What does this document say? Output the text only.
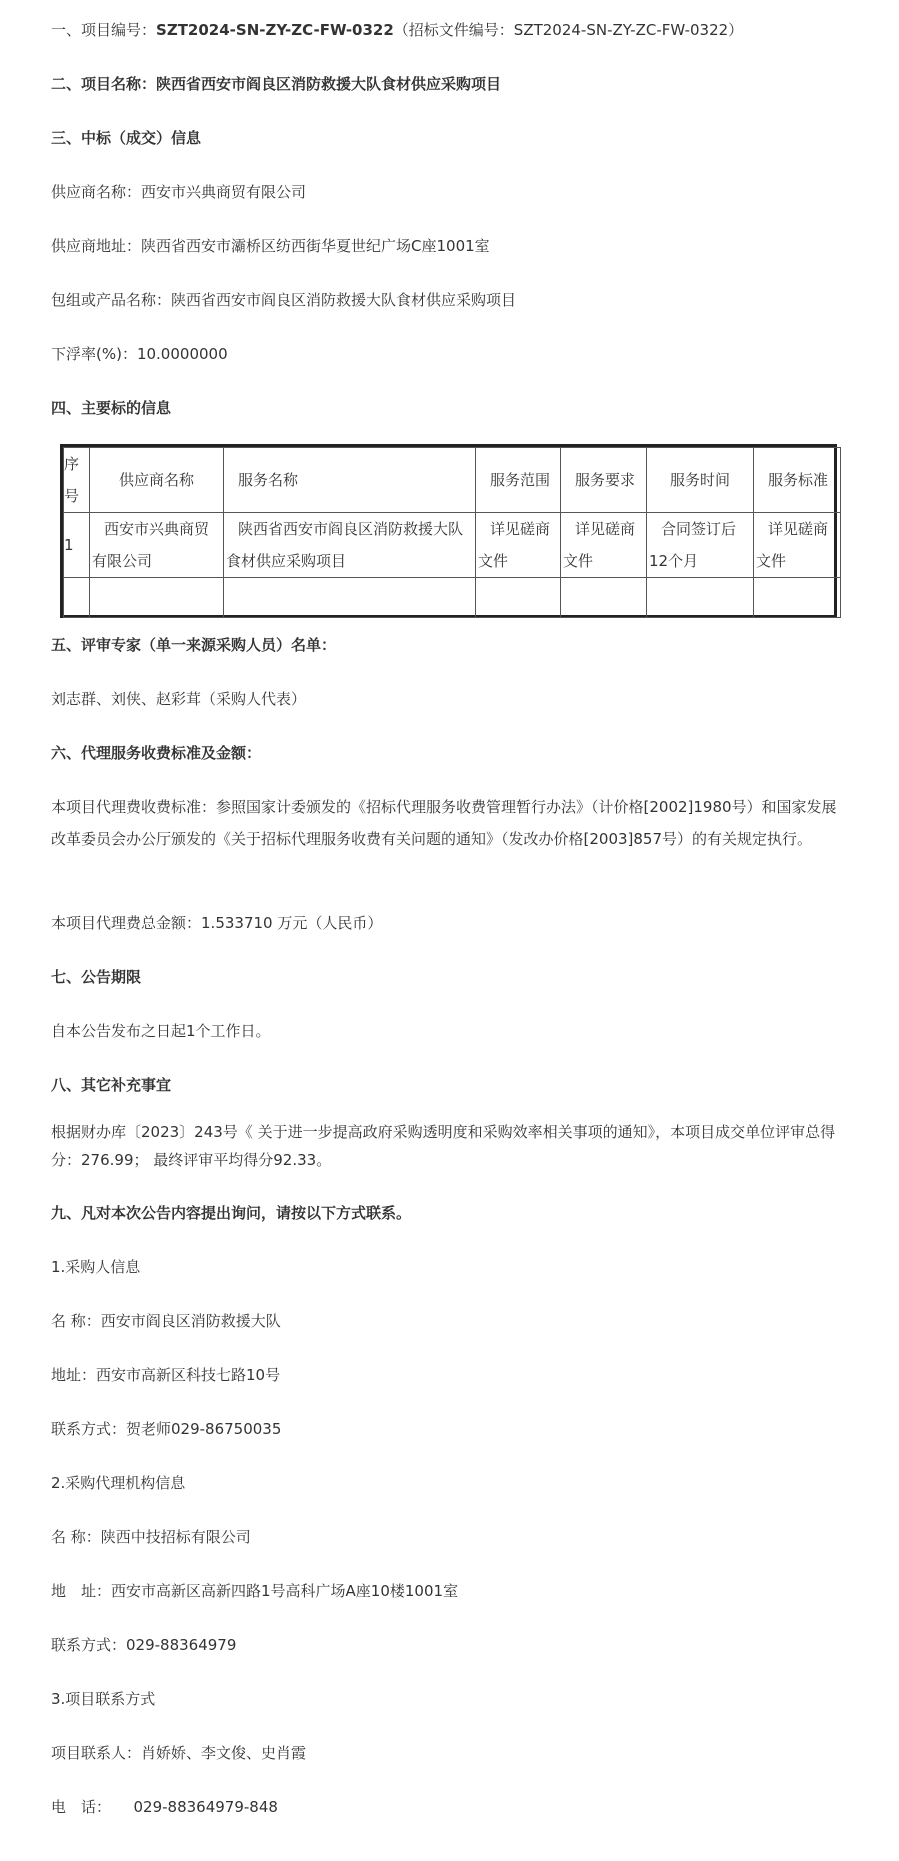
一、项目编号：SZT2024-SN-ZY-ZC-FW-0322（招标文件编号：SZT2024-SN-ZY-ZC-FW-0322）
二、项目名称：陕西省西安市阎良区消防救援大队食材供应采购项目
三、中标（成交）信息
供应商名称：西安市兴典商贸有限公司
供应商地址：陕西省西安市灞桥区纺西街华夏世纪广场C座1001室
包组或产品名称：陕西省西安市阎良区消防救援大队食材供应采购项目
下浮率(%)：10.0000000
四、主要标的信息
序号	供应商名称	服务名称	服务范围	服务要求	服务时间	服务标准
1	西安市兴典商贸有限公司	陕西省西安市阎良区消防救援大队食材供应采购项目	详见磋商文件	详见磋商文件	合同签订后12个月	详见磋商文件

五、评审专家（单一来源采购人员）名单：
刘志群、刘侠、赵彩茸（采购人代表）
六、代理服务收费标准及金额：
本项目代理费收费标准：参照国家计委颁发的《招标代理服务收费管理暂行办法》（计价格[2002]1980号）和国家发展改革委员会办公厅颁发的《关于招标代理服务收费有关问题的通知》（发改办价格[2003]857号）的有关规定执行。
本项目代理费总金额：1.533710 万元（人民币）
七、公告期限
自本公告发布之日起1个工作日。
八、其它补充事宜
根据财办库〔2023〕243号《 关于进一步提高政府采购透明度和采购效率相关事项的通知》，本项目成交单位评审总得分：276.99； 最终评审平均得分92.33。
九、凡对本次公告内容提出询问，请按以下方式联系。
1.采购人信息
名 称：西安市阎良区消防救援大队
地址：西安市高新区科技七路10号
联系方式：贺老师029-86750035
2.采购代理机构信息
名 称：陕西中技招标有限公司
地　址：西安市高新区高新四路1号高科广场A座10楼1001室
联系方式：029-88364979
3.项目联系方式
项目联系人：肖娇娇、李文俊、史肖霞
电　话：　　029-88364979-848
